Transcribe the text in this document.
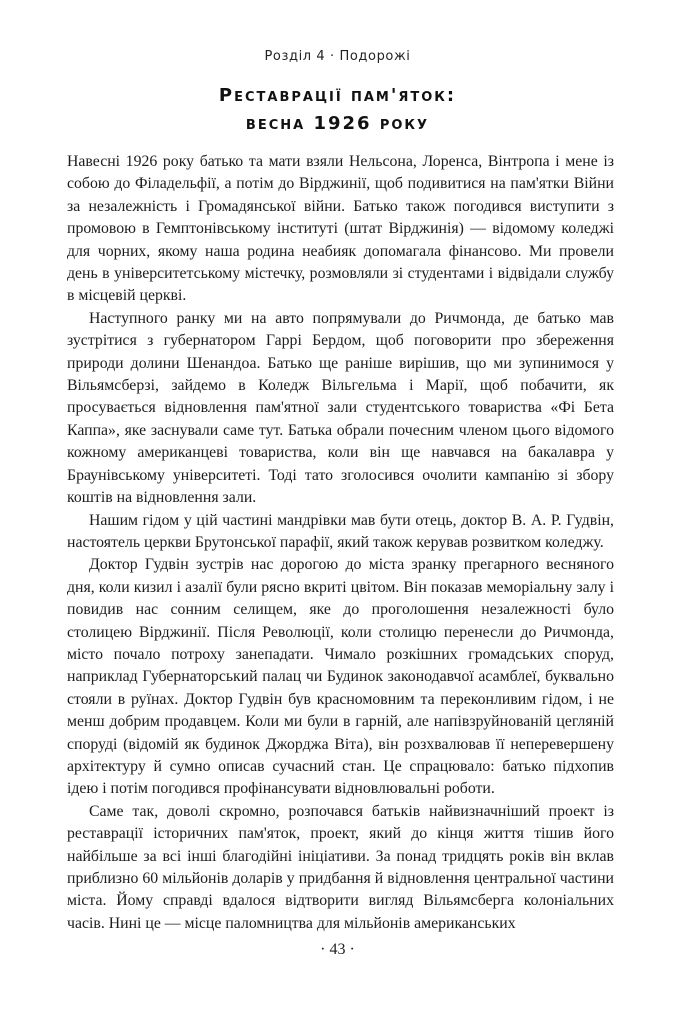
Розділ 4 · Подорожі
Реставрації пам'яток:
весна 1926 року

Навесні 1926 року батько та мати взяли Нельсона, Лоренса, Вінтропа і мене із собою до Філадельфії, а потім до Вірджинії, щоб подивитися на пам'ятки Війни за незалежність і Громадянської війни. Батько також погодився виступити з промовою в Гемптонівському інституті (штат Вірджинія) — відомому коледжі для чорних, якому наша родина неабияк допомагала фінансово. Ми провели день в університетському містечку, розмовляли зі студентами і відвідали службу в місцевій церкві.

Наступного ранку ми на авто попрямували до Ричмонда, де батько мав зустрітися з губернатором Гаррі Бердом, щоб поговорити про збереження природи долини Шенандоа. Батько ще раніше вирішив, що ми зупинимося у Вільямсберзі, зайдемо в Коледж Вільгельма і Марії, щоб побачити, як просувається відновлення пам'ятної зали студентського товариства «Фі Бета Каппа», яке заснували саме тут. Батька обрали почесним членом цього відомого кожному американцеві товариства, коли він ще навчався на бакалавра у Браунівському університеті. Тоді тато зголосився очолити кампанію зі збору коштів на відновлення зали.

Нашим гідом у цій частині мандрівки мав бути отець, доктор В. А. Р. Гудвін, настоятель церкви Брутонської парафії, який також керував розвитком коледжу.

Доктор Гудвін зустрів нас дорогою до міста зранку прегарного весняного дня, коли кизил і азалії були рясно вкриті цвітом. Він показав меморіальну залу і повидив нас сонним селищем, яке до проголошення незалежності було столицею Вірджинії. Після Революції, коли столицю перенесли до Ричмонда, місто почало потроху занепадати. Чимало розкішних громадських споруд, наприклад Губернаторський палац чи Будинок законодавчої асамблеї, буквально стояли в руїнах. Доктор Гудвін був красномовним та переконливим гідом, і не менш добрим продавцем. Коли ми були в гарній, але напівзруйнованій цегляній споруді (відомій як будинок Джорджа Віта), він розхвалював її неперевершену архітектуру й сумно описав сучасний стан. Це спрацювало: батько підхопив ідею і потім погодився профінансувати відновлювальні роботи.

Саме так, доволі скромно, розпочався батьків найвизначніший проект із реставрації історичних пам'яток, проект, який до кінця життя тішив його найбільше за всі інші благодійні ініціативи. За понад тридцять років він вклав приблизно 60 мільйонів доларів у придбання й відновлення центральної частини міста. Йому справді вдалося відтворити вигляд Вільямсберга колоніальних часів. Нині це — місце паломництва для мільйонів американських

· 43 ·
